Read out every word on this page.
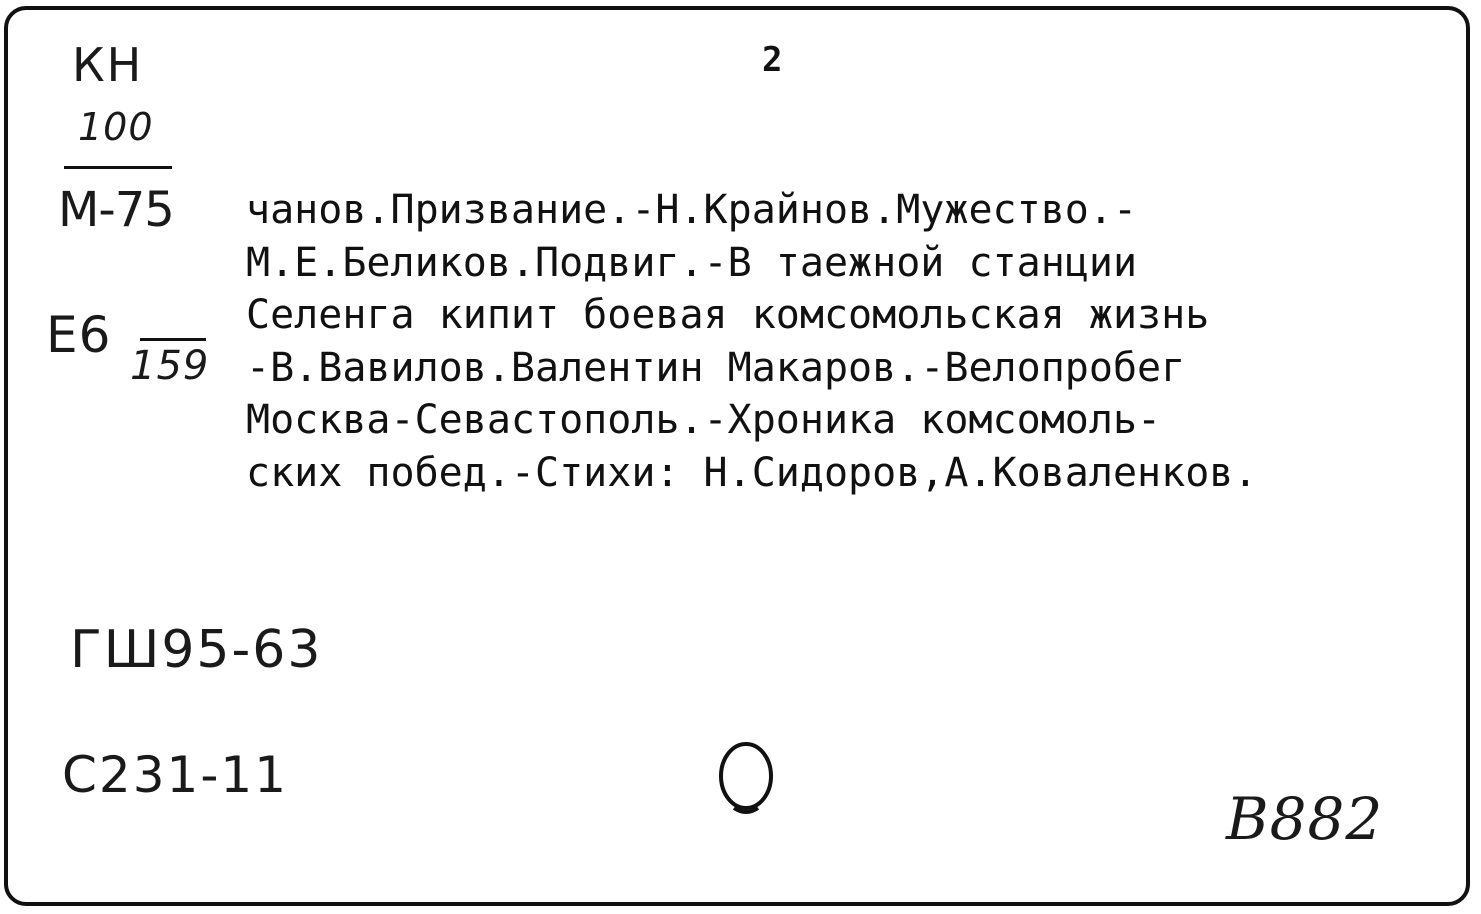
2
КН
100
М-75
Е6
159
чанов.Призвание.-Н.Крайнов.Мужество.-
М.Е.Беликов.Подвиг.-В таежной станции
Селенга кипит боевая комсомольская жизнь
-В.Вавилов.Валентин Макаров.-Велопробег
Москва-Севастополь.-Хроника комсомоль-
ских побед.-Стихи: Н.Сидоров,А.Коваленков.
ГШ95-63
С231-11
В882
